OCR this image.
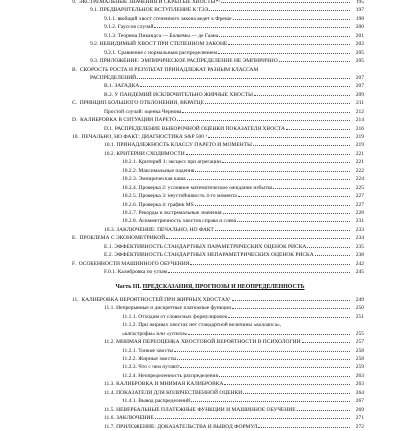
9.  ЭКСТРЕМАЛЬНЫЕ ЗНАЧЕНИЯ И СКРЫТЫЕ ХВОСТЫ*¹	195
9.1. ПРЕДВАРИТЕЛЬНОЕ ВСТУПЛЕНИЕ К ТЭЭ	197
9.1.1. జобщий хвост степенного закона ведет к Фреше	198
9.1.2. Гауссов случай	200
9.1.3. Теорема Пикандса — Балкемы — де Гаана	201
9.2. НЕВИДИМЫЙ ХВОСТ ПРИ СТЕПЕННОМ ЗАКОНЕ	202
9.2.1. Сравнение с нормальным распределением	205
9.3. ПРИЛОЖЕНИЕ: ЭМПИРИЧЕСКОЕ РАСПРЕДЕЛЕНИЕ НЕ ЭМПИРИЧНО	205
B.  СКОРОСТЬ РОСТА И РЕЗУЛЬТАТ ПРИНАДЛЕЖАТ РАЗНЫМ КЛАССАМ
РАСПРЕДЕЛЕНИЙ	207
B.1. ЗАГАДКА	207
B.2. У ПАНДЕМИЙ ИСКЛЮЧИТЕЛЬНО ЖИРНЫЕ ХВОСТЫ	209
C.  ПРИНЦИП БОЛЬШОГО ОТКЛОНЕНИЯ, ВКРАТЦЕ	211
Простой случай: оценка Чернова	212
D.  КАЛИБРОВКА В СИТУАЦИИ ПАРЕТО	214
D.1. РАСПРЕДЕЛЕНИЕ ВЫБОРОЧНОЙ ОЦЕНКИ ПОКАЗАТЕЛЯ ХВОСТА	216
10.  ПЕЧАЛЬНО, НО ФАКТ: ДИАГНОСТИКА S&P 500 ¹	219
10.1. ПРИНАДЛЕЖНОСТЬ КЛАССУ ПАРЕТО И МОМЕНТЫ	219
10.2. КРИТЕРИИ СХОДИМОСТИ	221
10.2.1. Критерий 1: эксцесс при агрегации	221
10.2.2. Максимальные падения	222
10.2.3. Эмпирическая каша	224
10.2.4. Проверка 2: условное математическое ожидание избытка	225
10.2.5. Проверка 3: неустойчивость 4-го момента	227
10.2.6. Проверка 4: график MS	227
10.2.7. Рекорды и экстремальные значения	228
10.2.8. Асимметричность хвостов справа и слева	231
10.3. ЗАКЛЮЧЕНИЕ: ПЕЧАЛЬНО, НО ФАКТ	233
E.  ПРОБЛЕМА С ЭКОНОМЕТРИКОЙ	234
E.1. ЭФФЕКТИВНОСТЬ СТАНДАРТНЫХ ПАРАМЕТРИЧЕСКИХ ОЦЕНОК РИСКА	235
E.2. ЭФФЕКТИВНОСТЬ СТАНДАРТНЫХ НЕПАРАМЕТРИЧЕСКИХ ОЦЕНОК РИСКА	238
F.  ОСОБЕННОСТИ МАШИННОГО ОБУЧЕНИЯ	242
F.0.1. Калибровка по углам	245
Часть III. ПРЕДСКАЗАНИЯ, ПРОГНОЗЫ И НЕОПРЕДЕЛЕННОСТЬ
11.  КАЛИБРОВКА ВЕРОЯТНОСТЕЙ ПРИ ЖИРНЫХ ХВОСТАХ¹	249
11.1. Непрерывные и дискретные платежные функции	250
11.1.1. Отходим от словесных формулировок	251
11.1.2. При жирных хвостах нет стандартной величины «коллапса»,
«катастрофы» или «успеха»	255
11.2. МНИМАЯ ПЕРЕОЦЕНКА ХВОСТОВОЙ ВЕРОЯТНОСТИ В ПСИХОЛОГИИ	257
11.2.1. Тонкие хвосты	258
11.2.2. Жирные хвосты	258
11.2.3. Что с чем путают	259
11.2.4. Неопределенность распределения	263
11.3. КАЛИБРОВКА И МНИМАЯ КАЛИБРОВКА	263
11.4. ПОКАЗАТЕЛИ ДЛЯ КОЛИЧЕСТВЕННОЙ ОЦЕНКИ	264
11.4.1. Вывод распределений	267
11.5. НЕВЕРБАЛЬНЫЕ ПЛАТЕЖНЫЕ ФУНКЦИИ И МАШИННОЕ ОБУЧЕНИЕ	269
11.6. ЗАКЛЮЧЕНИЕ	271
11.7. ПРИЛОЖЕНИЕ: ДОКАЗАТЕЛЬСТВА И ВЫВОД ФОРМУЛ	272
